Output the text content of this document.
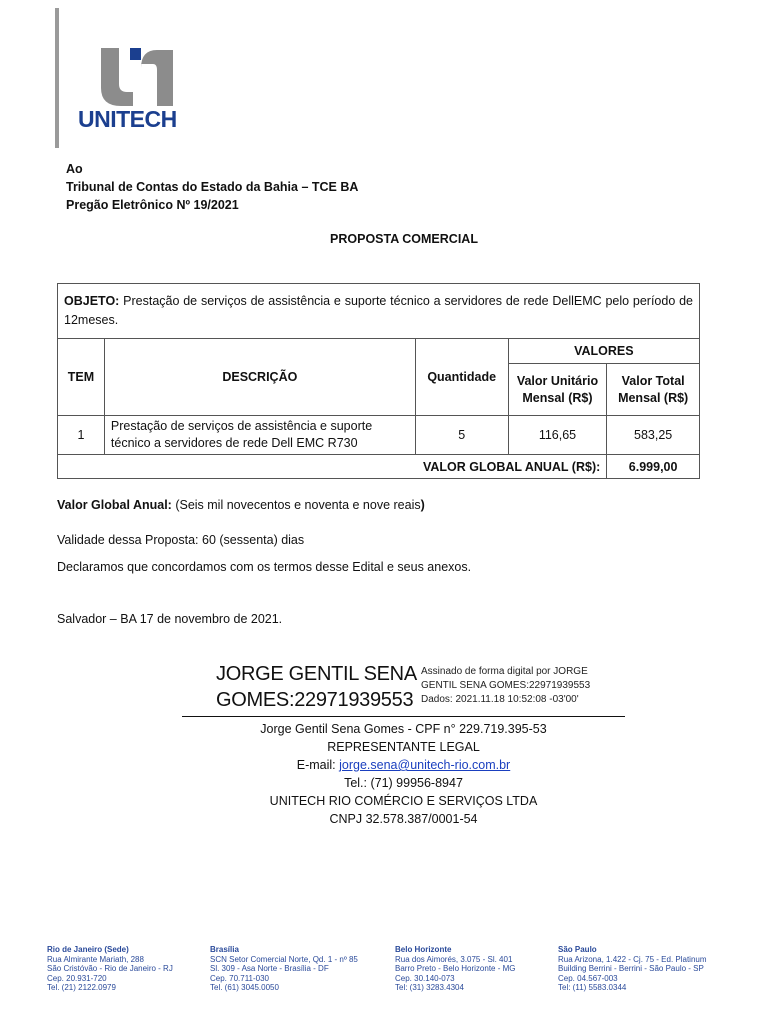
UNITECH
Ao
Tribunal de Contas do Estado da Bahia – TCE BA
Pregão Eletrônico Nº 19/2021
PROPOSTA COMERCIAL
OBJETO: Prestação de serviços de assistência e suporte técnico a servidores de rede DellEMC pelo período de 12meses.				
TEM	DESCRIÇÃO	Quantidade	VALORES	
			Valor Unitário Mensal (R$)	Valor Total Mensal (R$)
1	Prestação de serviços de assistência e suporte técnico a servidores de rede Dell EMC R730	5	116,65	583,25
VALOR GLOBAL ANUAL (R$):				6.999,00
Valor Global Anual: (Seis mil novecentos e noventa e nove reais)
Validade dessa Proposta: 60 (sessenta) dias
Declaramos que concordamos com os termos desse Edital e seus anexos.
Salvador – BA 17 de novembro de 2021.
JORGE GENTIL SENA
GOMES:22971939553
Assinado de forma digital por JORGE
GENTIL SENA GOMES:22971939553
Dados: 2021.11.18 10:52:08 -03'00'
Jorge Gentil Sena Gomes - CPF n° 229.719.395-53
REPRESENTANTE LEGAL
E-mail: jorge.sena@unitech-rio.com.br
Tel.: (71) 99956-8947
UNITECH RIO COMÉRCIO E SERVIÇOS LTDA
CNPJ 32.578.387/0001-54
Rio de Janeiro (Sede)
Rua Almirante Mariath, 288
São Cristóvão - Rio de Janeiro - RJ
Cep. 20.931-720
Tel. (21) 2122.0979
Brasília
SCN Setor Comercial Norte, Qd. 1 - nº 85
Sl. 309 - Asa Norte - Brasília - DF
Cep. 70.711-030
Tel. (61) 3045.0050
Belo Horizonte
Rua dos Aimorés, 3.075 - Sl. 401
Barro Preto - Belo Horizonte - MG
Cep. 30.140-073
Tel: (31) 3283.4304
São Paulo
Rua Arizona, 1.422 - Cj. 75 - Ed. Platinum
Building Berrini - Berrini - São Paulo - SP
Cep. 04.567-003
Tel: (11) 5583.0344
